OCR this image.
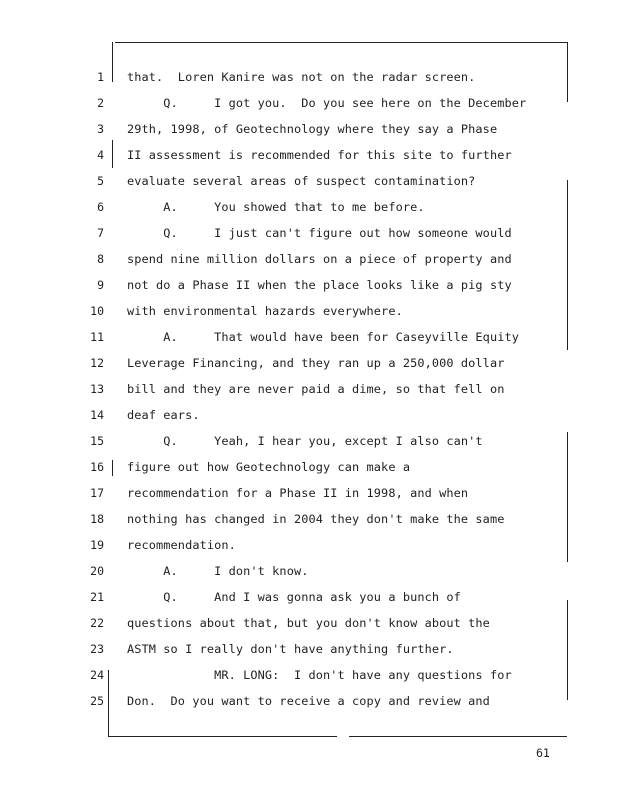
1 that.  Loren Kanire was not on the radar screen.
2 Q.     I got you.  Do you see here on the December
3 29th, 1998, of Geotechnology where they say a Phase
4 II assessment is recommended for this site to further
5 evaluate several areas of suspect contamination?
6 A.     You showed that to me before.
7 Q.     I just can't figure out how someone would
8 spend nine million dollars on a piece of property and
9 not do a Phase II when the place looks like a pig sty
10 with environmental hazards everywhere.
11 A.     That would have been for Caseyville Equity
12 Leverage Financing, and they ran up a 250,000 dollar
13 bill and they are never paid a dime, so that fell on
14 deaf ears.
15 Q.     Yeah, I hear you, except I also can't
16 figure out how Geotechnology can make a
17 recommendation for a Phase II in 1998, and when
18 nothing has changed in 2004 they don't make the same
19 recommendation.
20 A.     I don't know.
21 Q.     And I was gonna ask you a bunch of
22 questions about that, but you don't know about the
23 ASTM so I really don't have anything further.
24 MR. LONG:  I don't have any questions for
25 Don.  Do you want to receive a copy and review and
61
